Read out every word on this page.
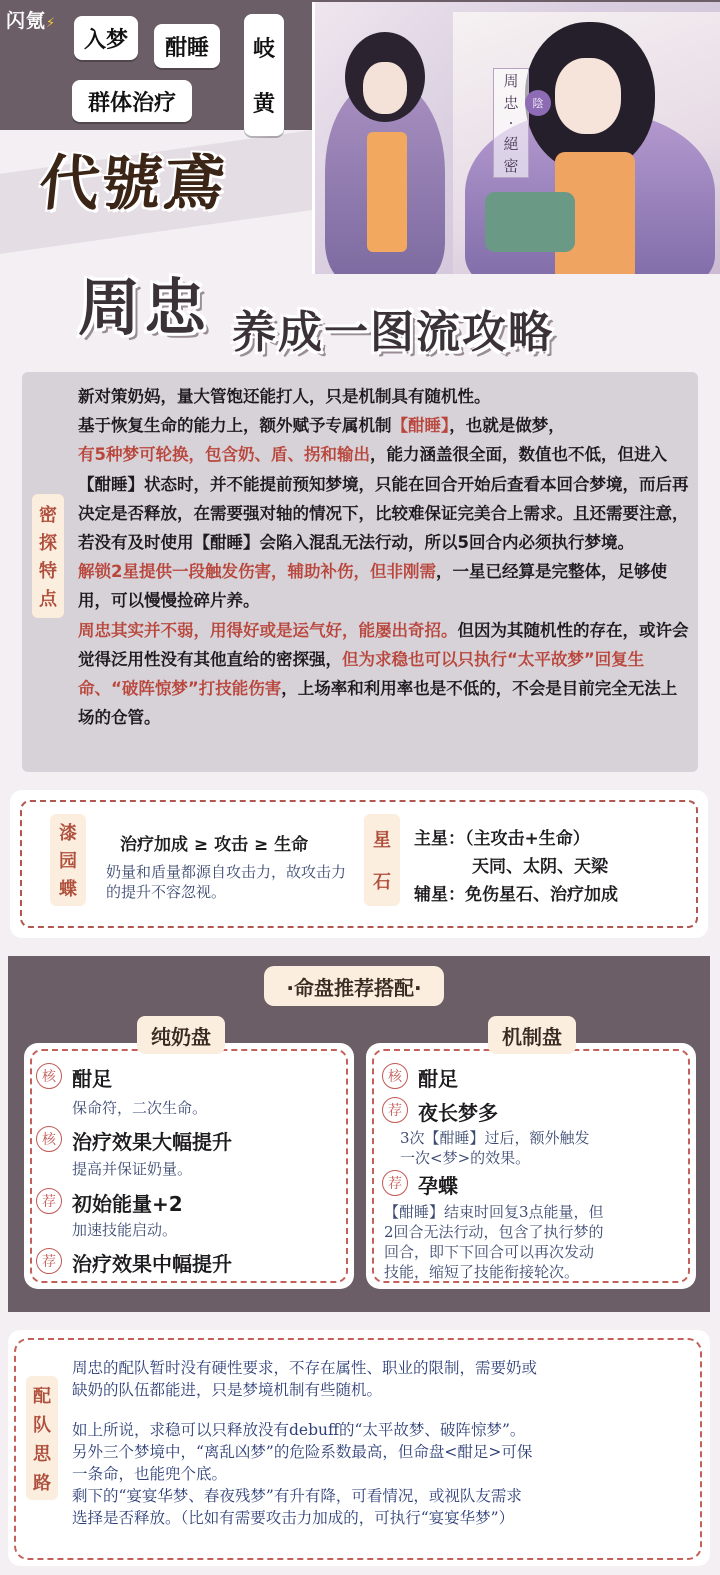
闪氪⚡
入梦	酣睡
群体治疗
岐
黄
代號鳶
周
忠
·
絕
密
陰
周忠 养成一图流攻略
密
探
特
点
新对策奶妈，量大管饱还能打人，只是机制具有随机性。
基于恢复生命的能力上，额外赋予专属机制【酣睡】，也就是做梦，
有5种梦可轮换，包含奶、盾、拐和输出，能力涵盖很全面，数值也不低，但进入【酣睡】状态时，并不能提前预知梦境，只能在回合开始后查看本回合梦境，而后再决定是否释放，在需要强对轴的情况下，比较难保证完美合上需求。且还需要注意，若没有及时使用【酣睡】会陷入混乱无法行动，所以5回合内必须执行梦境。
解锁2星提供一段触发伤害，辅助补伤，但非刚需，一星已经算是完整体，足够使用，可以慢慢捡碎片养。
周忠其实并不弱，用得好或是运气好，能屡出奇招。但因为其随机性的存在，或许会觉得泛用性没有其他直给的密探强，但为求稳也可以只执行“太平故梦”回复生命、“破阵惊梦”打技能伤害，上场率和利用率也是不低的，不会是目前完全无法上场的仓管。
漆
园
蝶
治疗加成 ≥ 攻击 ≥ 生命
奶量和盾量都源自攻击力，故攻击力的提升不容忽视。
星
石
主星：（主攻击+生命）
天同、太阴、天梁
辅星：免伤星石、治疗加成
·命盘推荐搭配·
纯奶盘	机制盘
核 酣足
保命符，二次生命。
核 治疗效果大幅提升
提高并保证奶量。
荐 初始能量+2
加速技能启动。
荐 治疗效果中幅提升
核 酣足
荐 夜长梦多
3次【酣睡】过后，额外触发
一次<梦>的效果。
荐 孕蝶
【酣睡】结束时回复3点能量，但
2回合无法行动，包含了执行梦的
回合，即下下回合可以再次发动
技能，缩短了技能衔接轮次。
配
队
思
路
周忠的配队暂时没有硬性要求，不存在属性、职业的限制，需要奶或
缺奶的队伍都能进，只是梦境机制有些随机。
如上所说，求稳可以只释放没有debuff的“太平故梦、破阵惊梦”。
另外三个梦境中，“离乱凶梦”的危险系数最高，但命盘<酣足>可保
一条命，也能兜个底。
剩下的“宴宴华梦、春夜残梦”有升有降，可看情况，或视队友需求
选择是否释放。（比如有需要攻击力加成的，可执行“宴宴华梦”）
